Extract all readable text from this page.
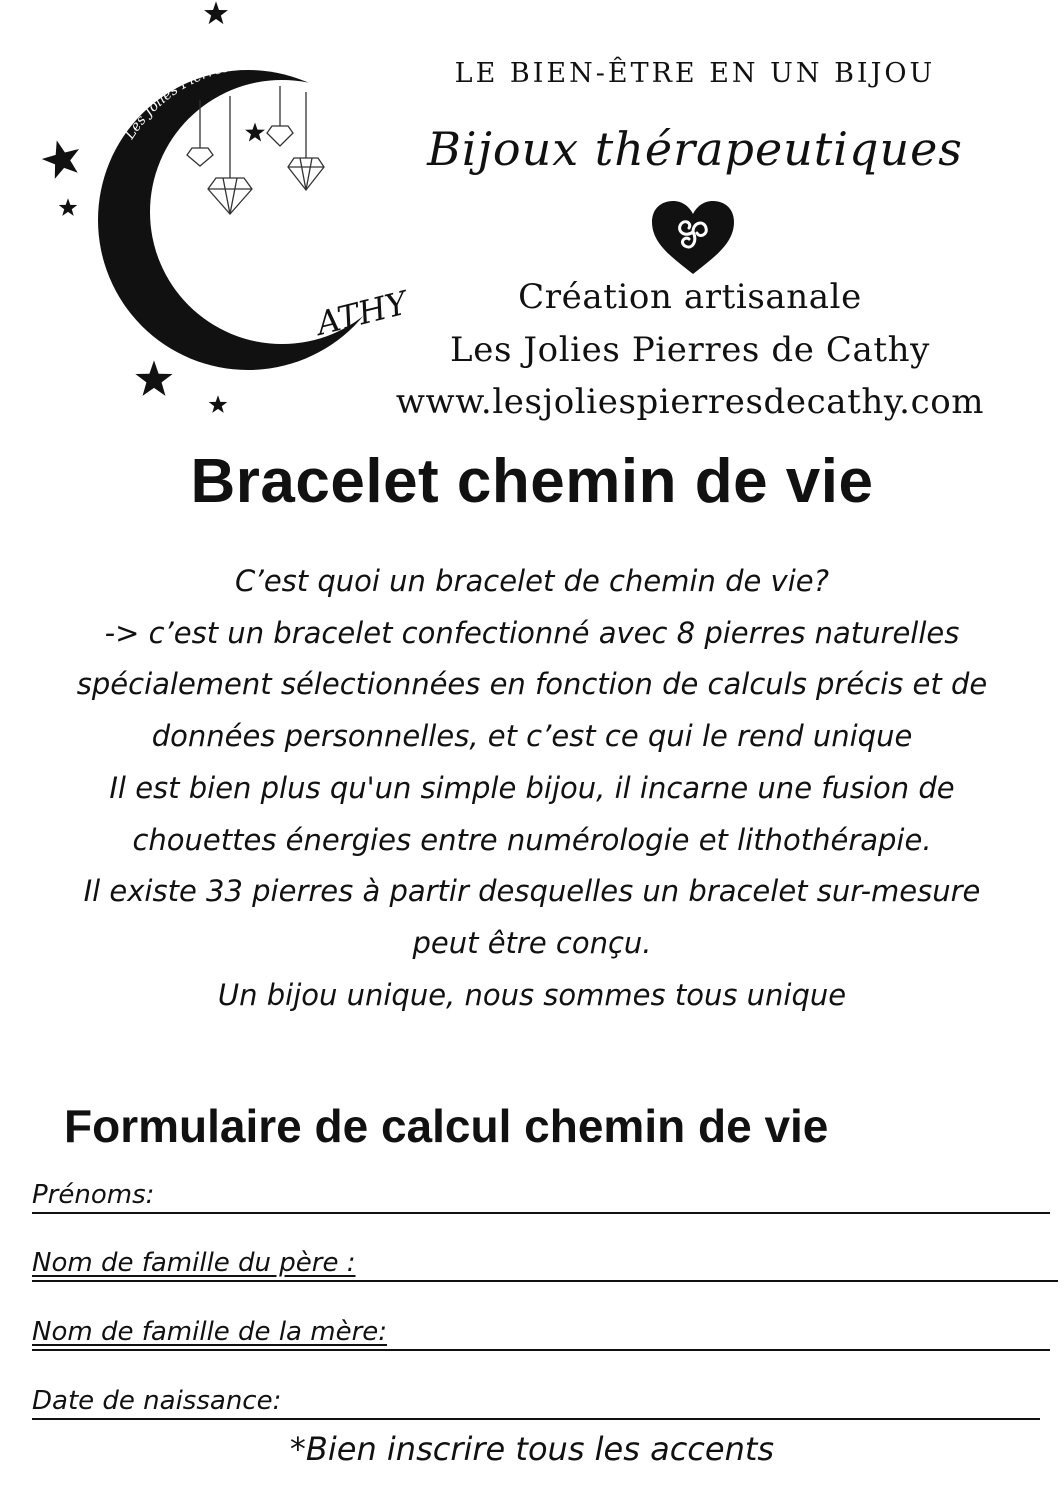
Les Jolies Pierres de
ATHY
LE BIEN-ÊTRE EN UN BIJOU
Bijoux thérapeutiques
Création artisanale
Les Jolies Pierres de Cathy
www.lesjoliespierresdecathy.com
Bracelet chemin de vie
C’est quoi un bracelet de chemin de vie?
-> c’est un bracelet confectionné avec 8 pierres naturelles
spécialement sélectionnées en fonction de calculs précis et de
données personnelles, et c’est ce qui le rend unique
Il est bien plus qu'un simple bijou, il incarne une fusion de
chouettes énergies entre numérologie et lithothérapie.
Il existe 33 pierres à partir desquelles un bracelet sur-mesure
peut être conçu.
Un bijou unique, nous sommes tous unique
Formulaire de calcul chemin de vie
Prénoms:
Nom de famille du père :
Nom de famille de la mère:
Date de naissance:
*Bien inscrire tous les accents
